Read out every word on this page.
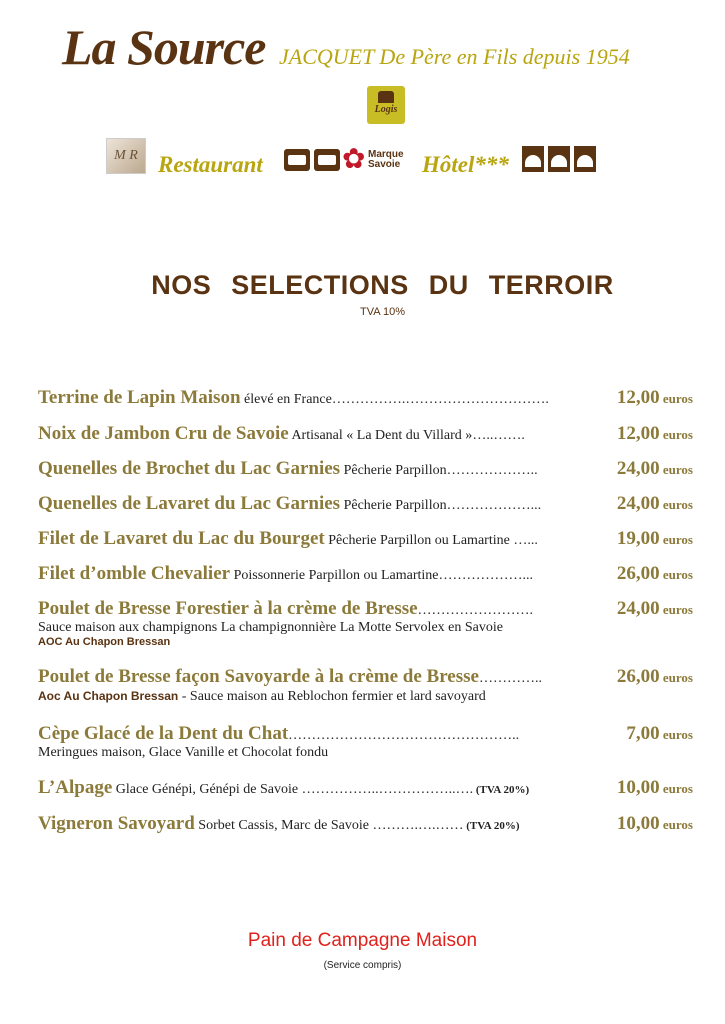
La Source JACQUET De Père en Fils depuis 1954
Logis
M R Restaurant
	✿ Marque
Savoie Hôtel***

NOS SELECTIONS DU TERROIR
TVA 10%
Terrine de Lapin Maison élevé en France…………….………………………….	12,00 euros
Noix de Jambon Cru de Savoie Artisanal « La Dent du Villard »…..…….	12,00 euros
Quenelles de Brochet du Lac Garnies Pêcherie Parpillon………………..	24,00 euros
Quenelles de Lavaret du Lac Garnies Pêcherie Parpillon………………...	24,00 euros
Filet de Lavaret du Lac du Bourget Pêcherie Parpillon ou Lamartine …...	19,00 euros
Filet d’omble Chevalier Poissonnerie Parpillon ou Lamartine………………...	26,00 euros
Poulet de Bresse Forestier à la crème de Bresse…………………….	24,00 euros
Sauce maison aux champignons La champignonnière La Motte Servolex en Savoie
AOC Au Chapon Bressan
Poulet de Bresse façon Savoyarde à la crème de Bresse…………..	26,00 euros
Aoc Au Chapon Bressan - Sauce maison au Reblochon fermier et lard savoyard
Cèpe Glacé de la Dent du Chat…………………………………………..	7,00 euros
Meringues maison, Glace Vanille et Chocolat fondu
L’Alpage Glace Génépi, Génépi de Savoie ……………..……………..…. (TVA 20%)	10,00 euros
Vigneron Savoyard Sorbet Cassis, Marc de Savoie ……….….…… (TVA 20%)	10,00 euros
Pain de Campagne Maison
(Service compris)
